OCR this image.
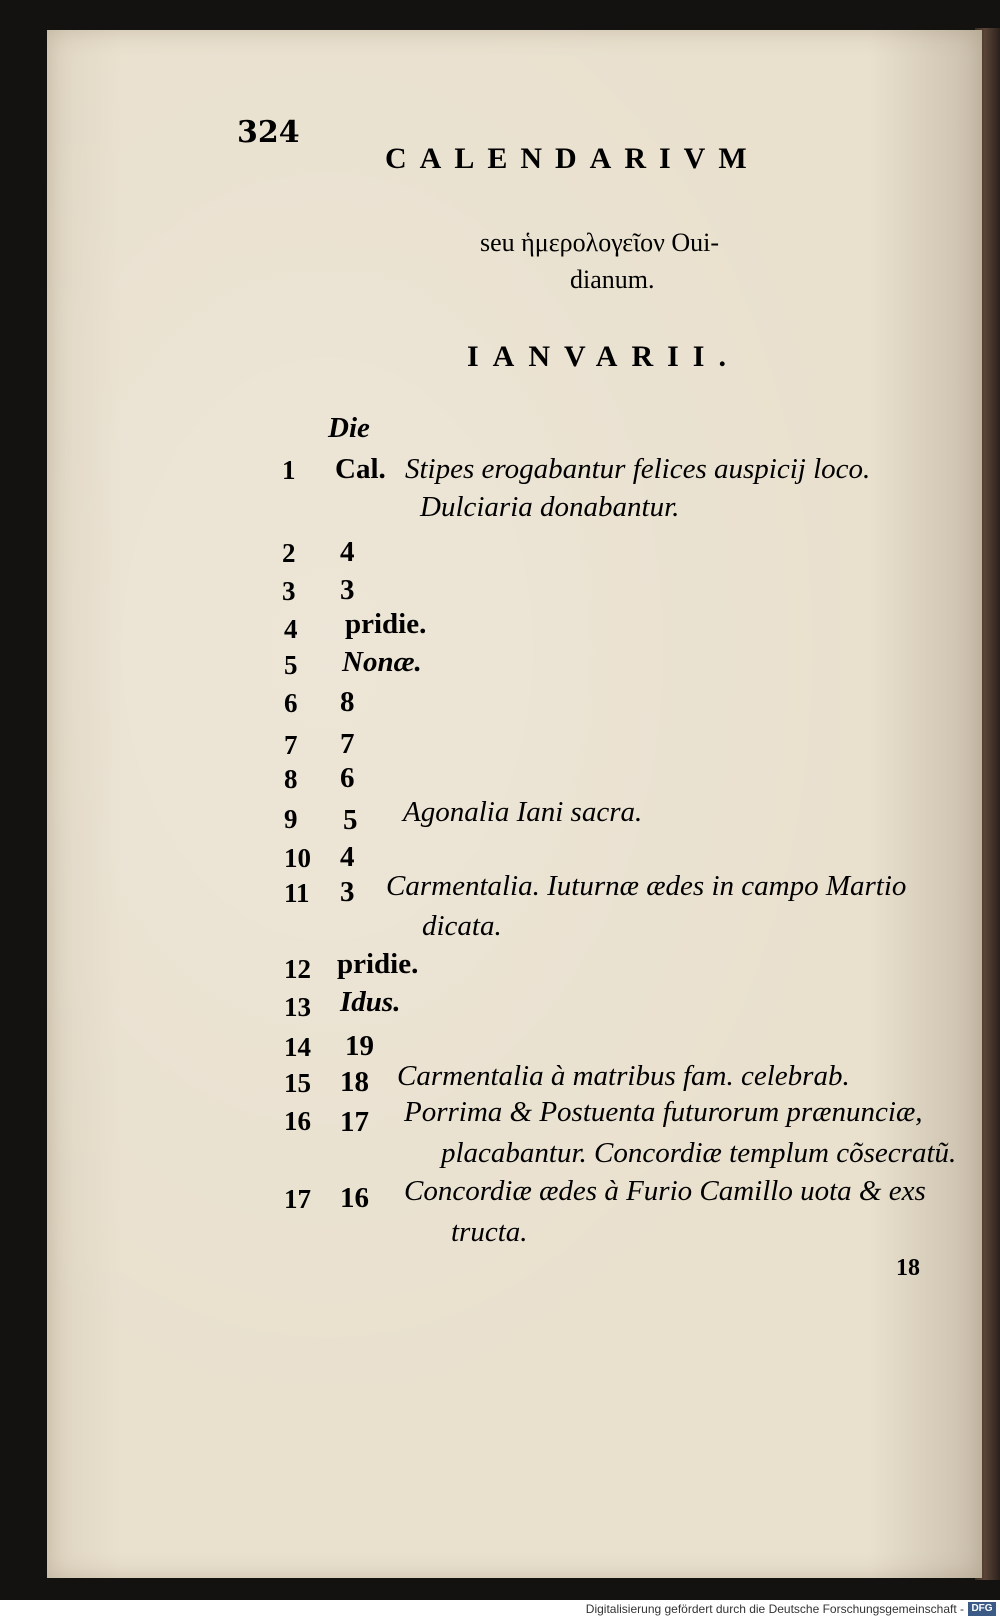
324
CALENDARIVM
seu ἡμερολογεῖον Oui-
dianum.
IANVARII.
Die
1 Cal. Stipes erogabantur felices auspicij loco.
Dulciaria donabantur.
2 4
3 3
4 pridie.
5 Nonæ.
6 8
7 7
8 6
9 5 Agonalia Iani sacra.
10 4
11 3 Carmentalia. Iuturnæ ædes in campo Martio
dicata.
12 pridie.
13 Idus.
14 19
15 18 Carmentalia à matribus fam. celebrab.
16 17 Porrima & Postuenta futurorum prænunciæ,
placabantur. Concordiæ templum cõsecratũ.
17 16 Concordiæ ædes à Furio Camillo uota & exs
tructa.
18
Digitalisierung gefördert durch die Deutsche Forschungsgemeinschaft - DFG
